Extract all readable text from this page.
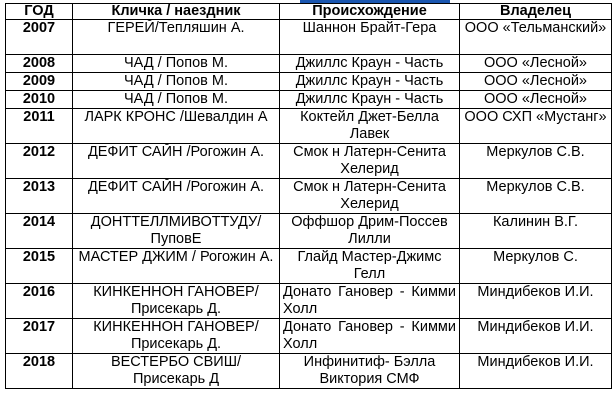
ГОД	Кличка / наездник	Происхождение	Владелец
2007	ГЕРЕЙ/Тепляшин А.	Шаннон Брайт-Гера	ООО «Тельманский»
2008	ЧАД / Попов М.	Джиллс Краун - Часть	ООО «Лесной»
2009	ЧАД / Попов М.	Джиллс Краун - Часть	ООО «Лесной»
2010	ЧАД / Попов М.	Джиллс Краун - Часть	ООО «Лесной»
2011	ЛАРК КРОНС /Шевалдин А	Коктейл Джет-Белла Лавек	ООО СХП «Мустанг»
2012	ДЕФИТ САЙН /Рогожин А.	Смок н Латерн-Сенита Хелерид	Меркулов С.В.
2013	ДЕФИТ САЙН /Рогожин А.	Смок н Латерн-Сенита Хелерид	Меркулов С.В.
2014	ДОНТТЕЛЛМИВОТТУДУ/ ПуповЕ	Оффшор Дрим-Поссев Лилли	Калинин В.Г.
2015	МАСТЕР ДЖИМ / Рогожин А.	Глайд Мастер-Джимс Гелл	Меркулов С.
2016	КИНКЕННОН ГАНОВЕР/ Присекарь Д.	Донато Гановер - Кимми Холл	Миндибеков И.И.
2017	КИНКЕННОН ГАНОВЕР/ Присекарь Д.	Донато Гановер - Кимми Холл	Миндибеков И.И.
2018	ВЕСТЕРБО СВИШ/ Присекарь Д	Инфинитиф- Бэлла Виктория СМФ	Миндибеков И.И.
